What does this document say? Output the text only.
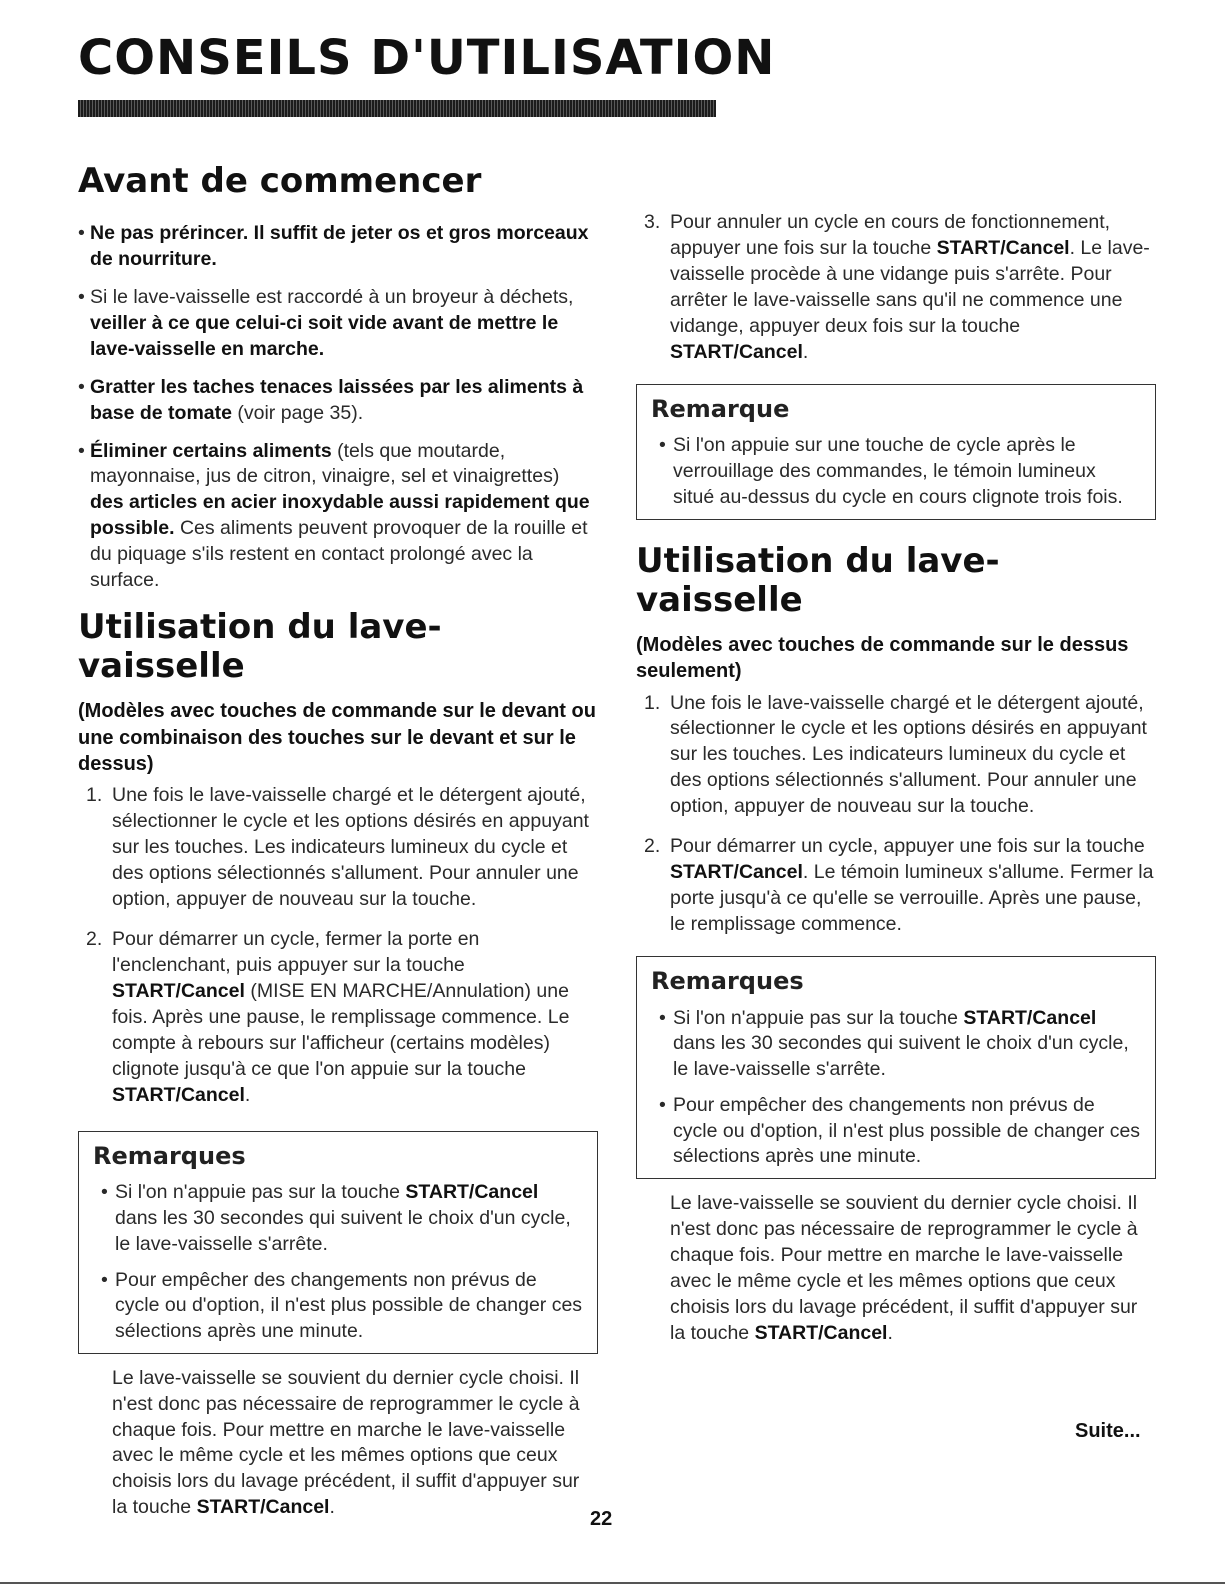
CONSEILS D'UTILISATION
Avant de commencer
• Ne pas prérincer. Il suffit de jeter os et gros morceaux de nourriture.
• Si le lave-vaisselle est raccordé à un broyeur à déchets, veiller à ce que celui-ci soit vide avant de mettre le lave-vaisselle en marche.
• Gratter les taches tenaces laissées par les aliments à base de tomate (voir page 35).
• Éliminer certains aliments (tels que moutarde, mayonnaise, jus de citron, vinaigre, sel et vinaigrettes) des articles en acier inoxydable aussi rapidement que possible. Ces aliments peuvent provoquer de la rouille et du piquage s'ils restent en contact prolongé avec la surface.
Utilisation du lave-vaisselle
(Modèles avec touches de commande sur le devant ou une combinaison des touches sur le devant et sur le dessus)
1. Une fois le lave-vaisselle chargé et le détergent ajouté, sélectionner le cycle et les options désirés en appuyant sur les touches. Les indicateurs lumineux du cycle et des options sélectionnés s'allument. Pour annuler une option, appuyer de nouveau sur la touche.
2. Pour démarrer un cycle, fermer la porte en l'enclenchant, puis appuyer sur la touche START/Cancel (MISE EN MARCHE/Annulation) une fois. Après une pause, le remplissage commence. Le compte à rebours sur l'afficheur (certains modèles) clignote jusqu'à ce que l'on appuie sur la touche START/Cancel.
Remarques
• Si l'on n'appuie pas sur la touche START/Cancel dans les 30 secondes qui suivent le choix d'un cycle, le lave-vaisselle s'arrête.
• Pour empêcher des changements non prévus de cycle ou d'option, il n'est plus possible de changer ces sélections après une minute.

Le lave-vaisselle se souvient du dernier cycle choisi. Il n'est donc pas nécessaire de reprogrammer le cycle à chaque fois. Pour mettre en marche le lave-vaisselle avec le même cycle et les mêmes options que ceux choisis lors du lavage précédent, il suffit d'appuyer sur la touche START/Cancel.

3. Pour annuler un cycle en cours de fonctionnement, appuyer une fois sur la touche START/Cancel. Le lave-vaisselle procède à une vidange puis s'arrête. Pour arrêter le lave-vaisselle sans qu'il ne commence une vidange, appuyer deux fois sur la touche START/Cancel.
Remarque
• Si l'on appuie sur une touche de cycle après le verrouillage des commandes, le témoin lumineux situé au-dessus du cycle en cours clignote trois fois.
Utilisation du lave-vaisselle
(Modèles avec touches de commande sur le dessus seulement)
1. Une fois le lave-vaisselle chargé et le détergent ajouté, sélectionner le cycle et les options désirés en appuyant sur les touches. Les indicateurs lumineux du cycle et des options sélectionnés s'allument. Pour annuler une option, appuyer de nouveau sur la touche.
2. Pour démarrer un cycle, appuyer une fois sur la touche START/Cancel. Le témoin lumineux s'allume. Fermer la porte jusqu'à ce qu'elle se verrouille. Après une pause, le remplissage commence.
Remarques
• Si l'on n'appuie pas sur la touche START/Cancel dans les 30 secondes qui suivent le choix d'un cycle, le lave-vaisselle s'arrête.
• Pour empêcher des changements non prévus de cycle ou d'option, il n'est plus possible de changer ces sélections après une minute.

Le lave-vaisselle se souvient du dernier cycle choisi. Il n'est donc pas nécessaire de reprogrammer le cycle à chaque fois. Pour mettre en marche le lave-vaisselle avec le même cycle et les mêmes options que ceux choisis lors du lavage précédent, il suffit d'appuyer sur la touche START/Cancel.

Suite...
22
